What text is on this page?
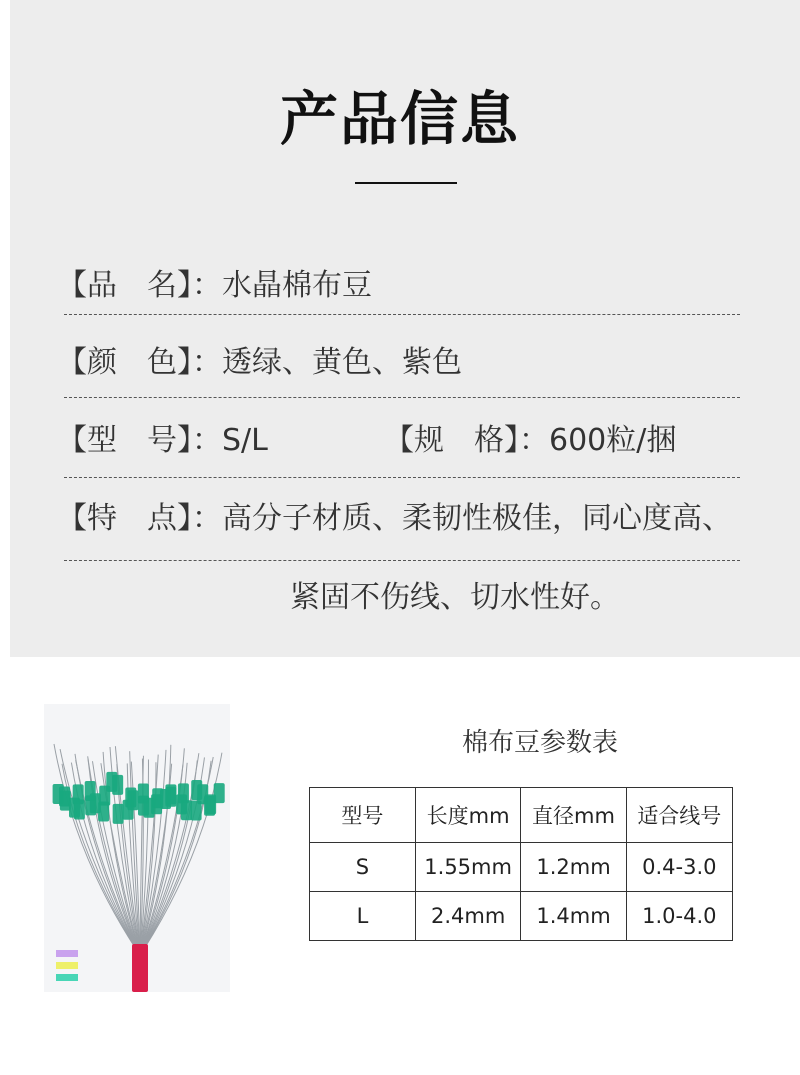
产品信息
【品　名】：水晶棉布豆
【颜　色】：透绿、黄色、紫色
【型　号】：S/L	【规　格】：600粒/捆
【特　点】：高分子材质、柔韧性极佳，同心度高、
紧固不伤线、切水性好。
棉布豆参数表
型号	长度mm	直径mm	适合线号
S	1.55mm	1.2mm	0.4-3.0
L	2.4mm	1.4mm	1.0-4.0
